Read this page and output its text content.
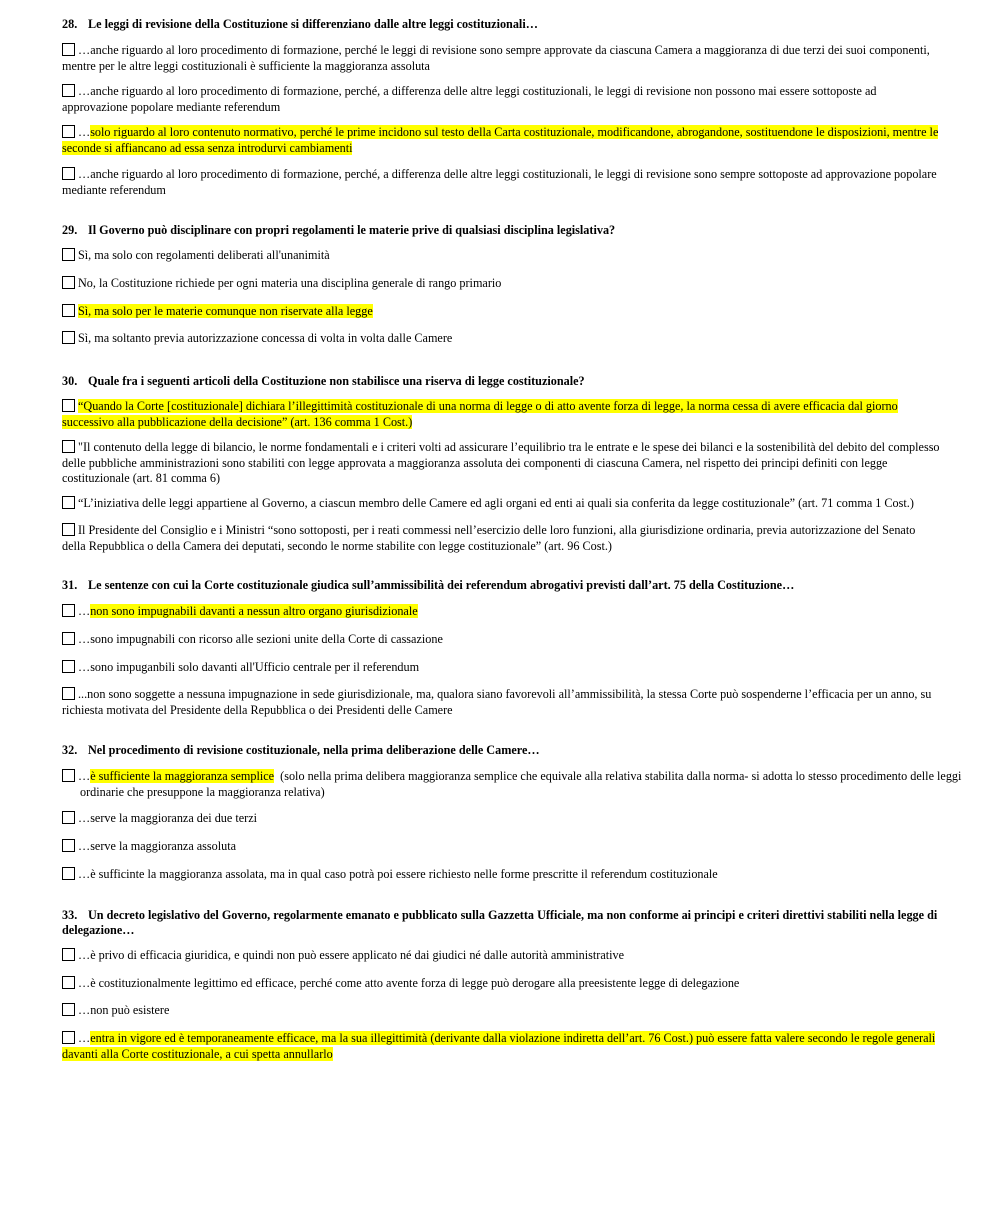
28. Le leggi di revisione della Costituzione si differenziano dalle altre leggi costituzionali…
…anche riguardo al loro procedimento di formazione, perché le leggi di revisione sono sempre approvate da ciascuna Camera a maggioranza di due terzi dei suoi componenti, mentre per le altre leggi costituzionali è sufficiente la maggioranza assoluta
…anche riguardo al loro procedimento di formazione, perché, a differenza delle altre leggi costituzionali, le leggi di revisione non possono mai essere sottoposte ad approvazione popolare mediante referendum
…solo riguardo al loro contenuto normativo, perché le prime incidono sul testo della Carta costituzionale, modificandone, abrogandone, sostituendone le disposizioni, mentre le seconde si affiancano ad essa senza introdurvi cambiamenti
…anche riguardo al loro procedimento di formazione, perché, a differenza delle altre leggi costituzionali, le leggi di revisione sono sempre sottoposte ad approvazione popolare mediante referendum
29. Il Governo può disciplinare con propri regolamenti le materie prive di qualsiasi disciplina legislativa?
Sì, ma solo con regolamenti deliberati all'unanimità
No, la Costituzione richiede per ogni materia una disciplina generale di rango primario
Sì, ma solo per le materie comunque non riservate alla legge
Sì, ma soltanto previa autorizzazione concessa di volta in volta dalle Camere
30. Quale fra i seguenti articoli della Costituzione non stabilisce una riserva di legge costituzionale?
“Quando la Corte [costituzionale] dichiara l’illegittimità costituzionale di una norma di legge o di atto avente forza di legge, la norma cessa di avere efficacia dal giorno successivo alla pubblicazione della decisione” (art. 136 comma 1 Cost.)
"Il contenuto della legge di bilancio, le norme fondamentali e i criteri volti ad assicurare l’equilibrio tra le entrate e le spese dei bilanci e la sostenibilità del debito del complesso delle pubbliche amministrazioni sono stabiliti con legge approvata a maggioranza assoluta dei componenti di ciascuna Camera, nel rispetto dei principi definiti con legge costituzionale (art. 81 comma 6)
“L’iniziativa delle leggi appartiene al Governo, a ciascun membro delle Camere ed agli organi ed enti ai quali sia conferita da legge costituzionale” (art. 71 comma 1 Cost.)
Il Presidente del Consiglio e i Ministri “sono sottoposti, per i reati commessi nell’esercizio delle loro funzioni, alla giurisdizione ordinaria, previa autorizzazione del Senato della Repubblica o della Camera dei deputati, secondo le norme stabilite con legge costituzionale” (art. 96 Cost.)
31. Le sentenze con cui la Corte costituzionale giudica sull’ammissibilità dei referendum abrogativi previsti dall’art. 75 della Costituzione…
…non sono impugnabili davanti a nessun altro organo giurisdizionale
…sono impugnabili con ricorso alle sezioni unite della Corte di cassazione
…sono impuganbili solo davanti all'Ufficio centrale per il referendum
...non sono soggette a nessuna impugnazione in sede giurisdizionale, ma, qualora siano favorevoli all’ammissibilità, la stessa Corte può sospenderne l’efficacia per un anno, su richiesta motivata del Presidente della Repubblica o dei Presidenti delle Camere
32. Nel procedimento di revisione costituzionale, nella prima deliberazione delle Camere…
…è sufficiente la maggioranza semplice (solo nella prima delibera maggioranza semplice che equivale alla relativa stabilita dalla norma- si adotta lo stesso procedimento delle leggi ordinarie che presuppone la maggioranza relativa)
…serve la maggioranza dei due terzi
…serve la maggioranza assoluta
…è sufficinte la maggioranza assolata, ma in qual caso potrà poi essere richiesto nelle forme prescritte il referendum costituzionale
33. Un decreto legislativo del Governo, regolarmente emanato e pubblicato sulla Gazzetta Ufficiale, ma non conforme ai principi e criteri direttivi stabiliti nella legge di delegazione…
…è privo di efficacia giuridica, e quindi non può essere applicato né dai giudici né dalle autorità amministrative
…è costituzionalmente legittimo ed efficace, perché come atto avente forza di legge può derogare alla preesistente legge di delegazione
…non può esistere
…entra in vigore ed è temporaneamente efficace, ma la sua illegittimità (derivante dalla violazione indiretta dell’art. 76 Cost.) può essere fatta valere secondo le regole generali davanti alla Corte costituzionale, a cui spetta annullarlo
